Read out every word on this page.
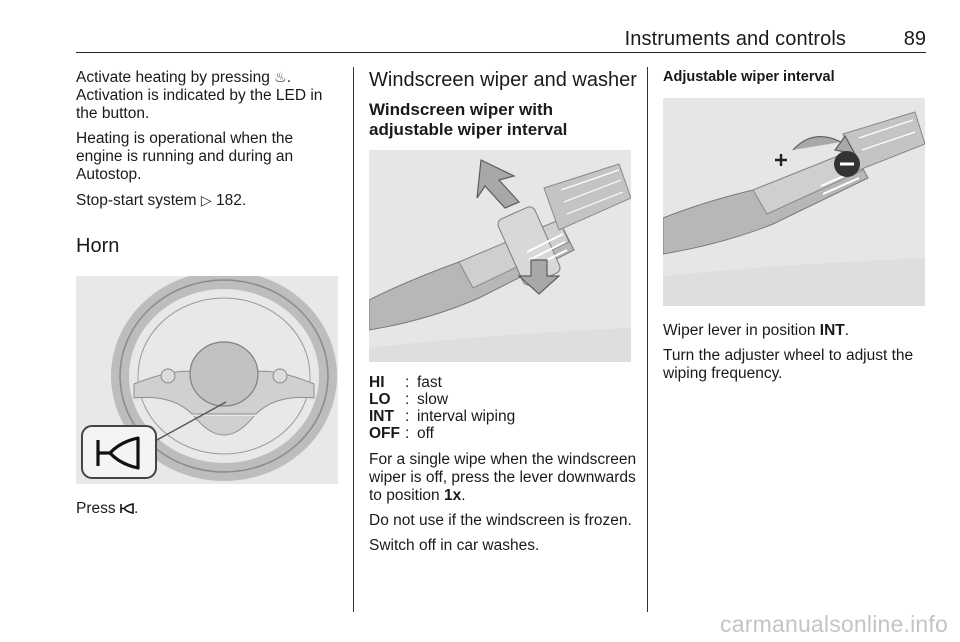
Instruments and controls	89

Activate heating by pressing ♨.
Activation is indicated by the LED in the button.

Heating is operational when the engine is running and during an Autostop.

Stop-start system ▷ 182.

Horn

Press .

Windscreen wiper and washer
Windscreen wiper with adjustable wiper interval
HI	:	fast
LO	:	slow
INT	:	interval wiping
OFF	:	off

For a single wipe when the windscreen wiper is off, press the lever downwards to position 1x.

Do not use if the windscreen is frozen.

Switch off in car washes.

Adjustable wiper interval

Wiper lever in position INT.

Turn the adjuster wheel to adjust the wiping frequency.

carmanualsonline.info
